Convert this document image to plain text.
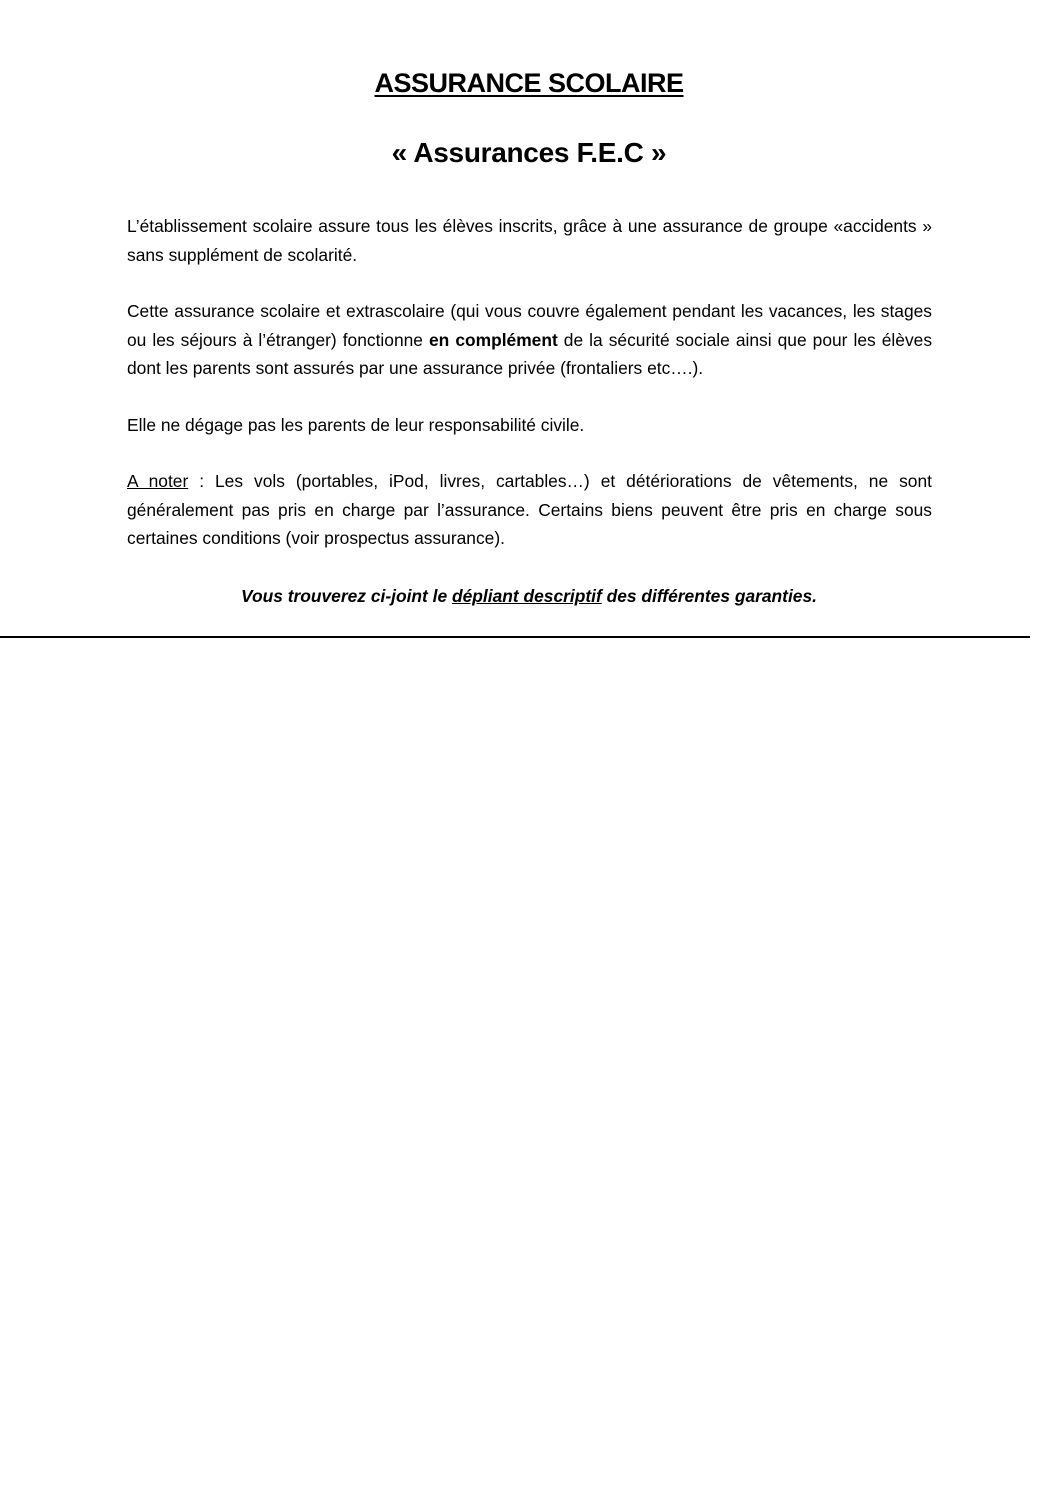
ASSURANCE SCOLAIRE
« Assurances F.E.C »

L’établissement scolaire assure tous les élèves inscrits, grâce à une assurance de groupe «accidents » sans supplément de scolarité.

Cette assurance scolaire et extrascolaire (qui vous couvre également pendant les vacances, les stages ou les séjours à l’étranger) fonctionne en complément de la sécurité sociale ainsi que pour les élèves dont les parents sont assurés par une assurance privée (frontaliers etc….).

Elle ne dégage pas les parents de leur responsabilité civile.

A noter : Les vols (portables, iPod, livres, cartables…) et détériorations de vêtements, ne sont généralement pas pris en charge par l’assurance. Certains biens peuvent être pris en charge sous certaines conditions (voir prospectus assurance).

Vous trouverez ci-joint le dépliant descriptif des différentes garanties.
